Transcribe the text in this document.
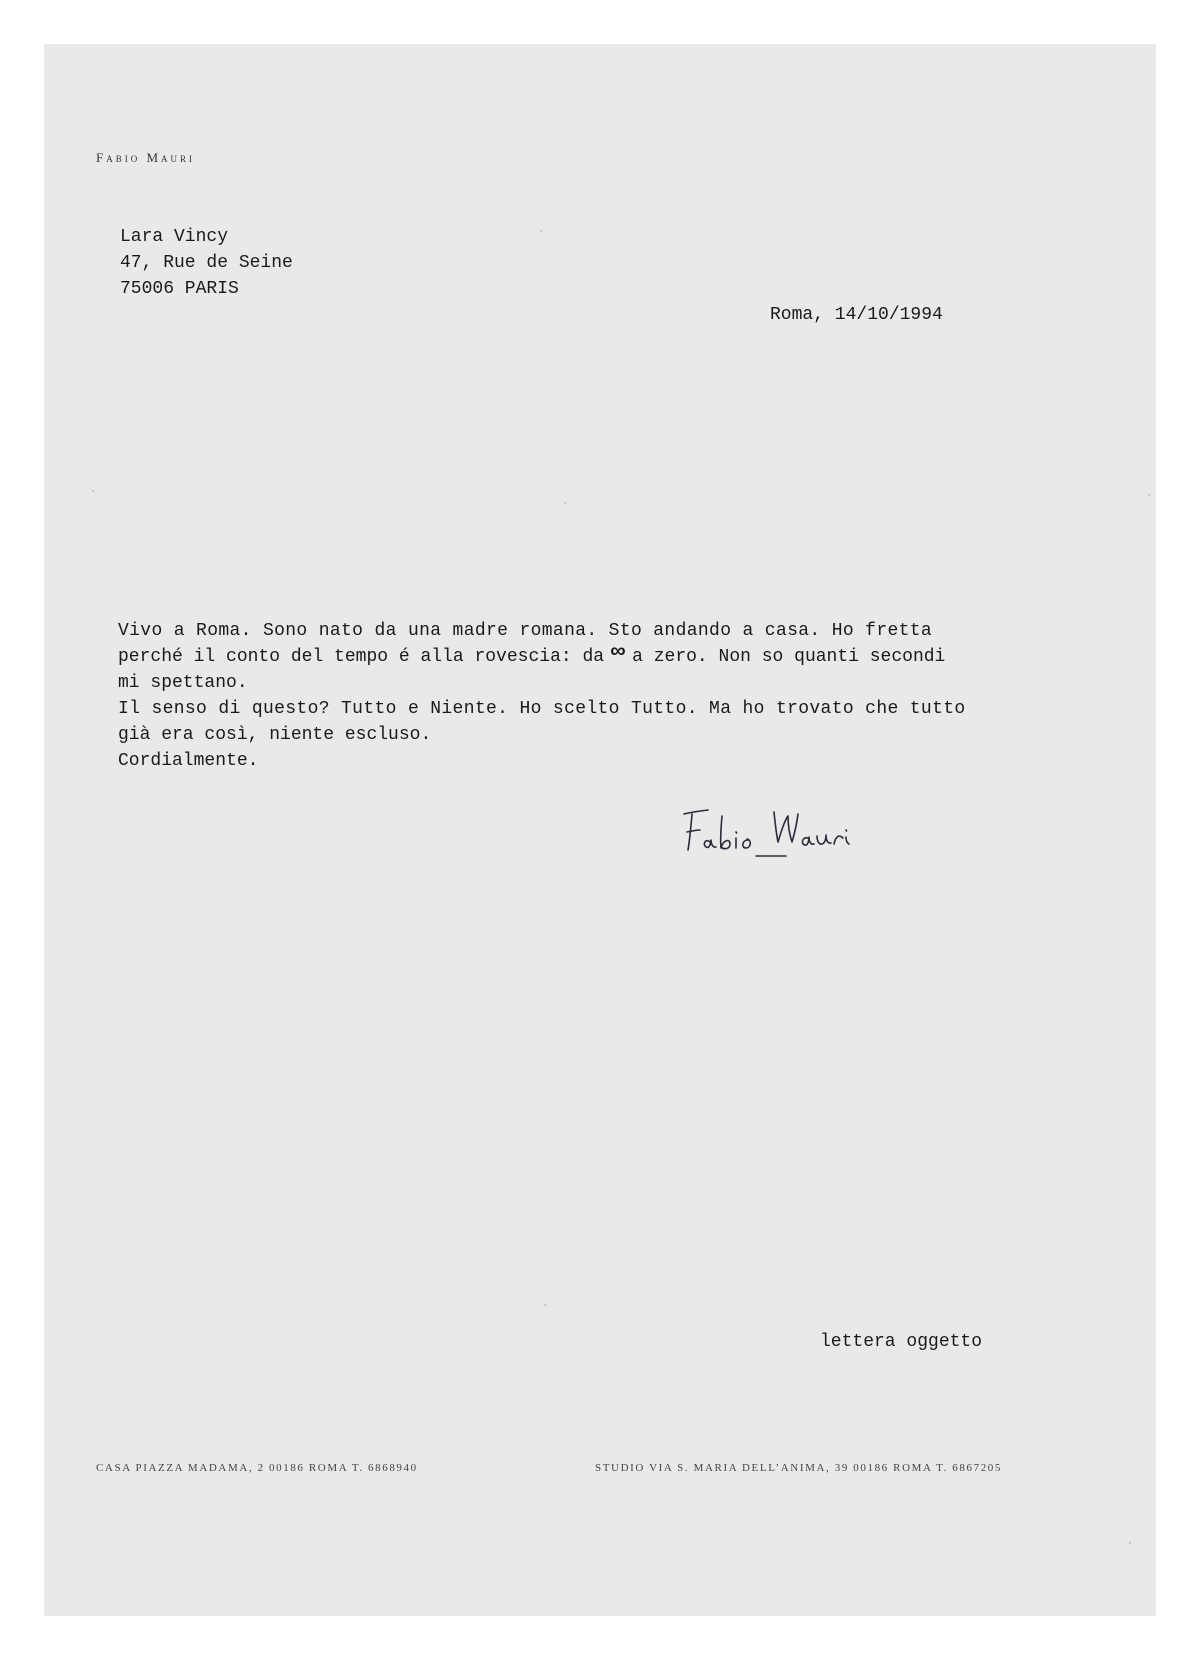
Fabio Mauri
Lara Vincy
47, Rue de Seine
75006 PARIS
Roma, 14/10/1994
Vivo a Roma. Sono nato da una madre romana. Sto andando a casa. Ho fretta
perché il conto del tempo é alla rovescia: da ∞ a zero. Non so quanti secondi
mi spettano.
Il senso di questo? Tutto e Niente. Ho scelto Tutto. Ma ho trovato che tutto
già era così, niente escluso.
Cordialmente.
lettera oggetto
CASA PIAZZA MADAMA, 2 00186 ROMA T. 6868940	STUDIO VIA S. MARIA DELL’ANIMA, 39 00186 ROMA T. 6867205
